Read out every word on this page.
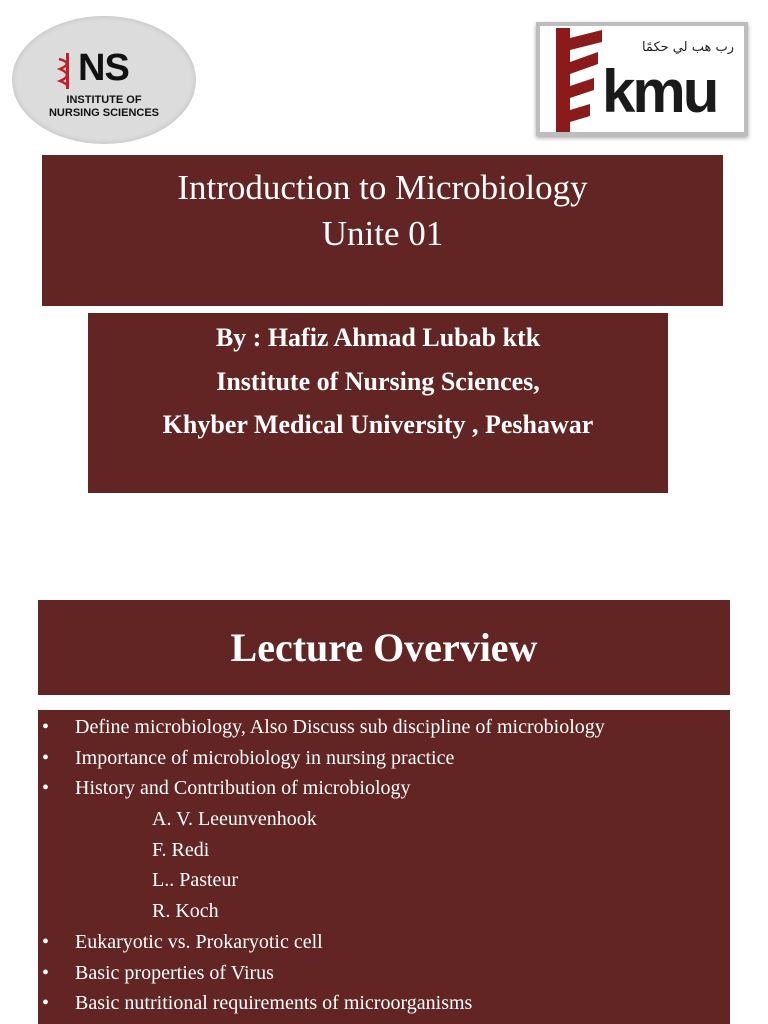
NS
INSTITUTE OF
NURSING SCIENCES
رب هب لي حكمًا
kmu
Introduction to Microbiology
Unite 01
By : Hafiz Ahmad Lubab ktk
Institute of Nursing Sciences,
Khyber Medical University , Peshawar
Lecture Overview
• Define microbiology, Also Discuss sub discipline of microbiology
• Importance of microbiology in nursing practice
• History and Contribution of microbiology
A. V. Leeunvenhook
F. Redi
L.. Pasteur
R. Koch
• Eukaryotic vs. Prokaryotic cell
• Basic properties of Virus
• Basic nutritional requirements of microorganisms
